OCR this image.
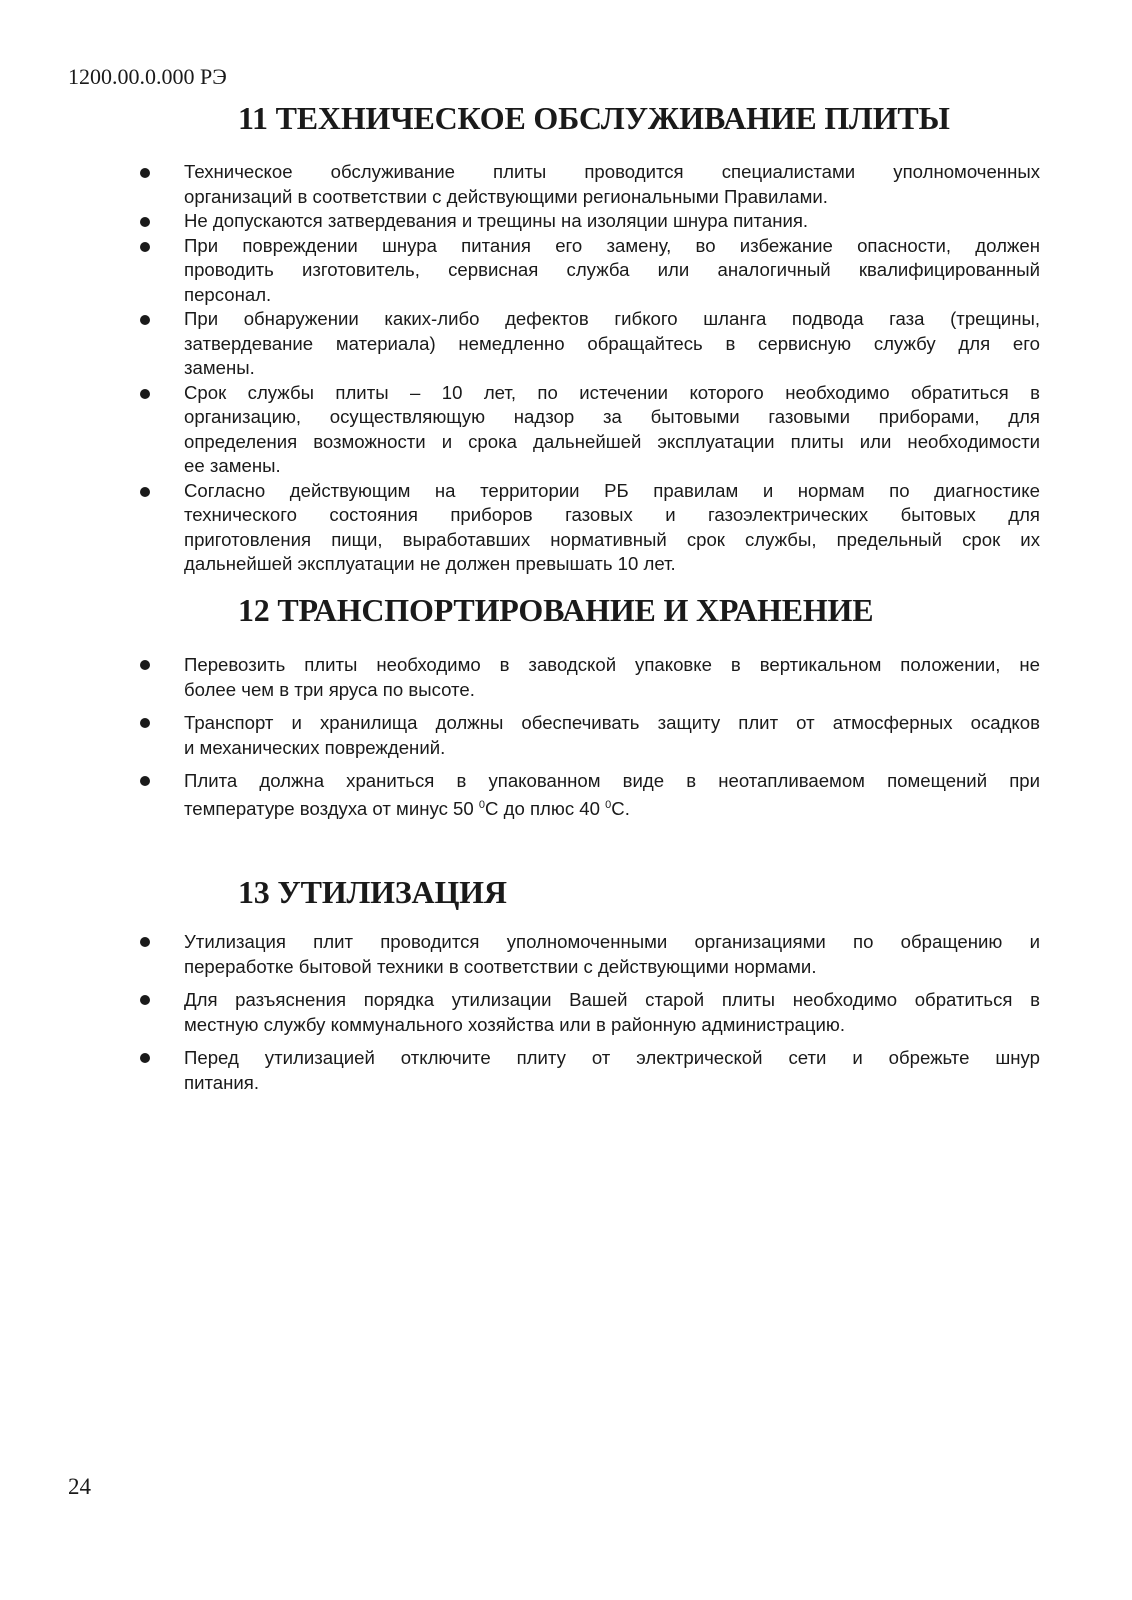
1200.00.0.000 РЭ
11 ТЕХНИЧЕСКОЕ ОБСЛУЖИВАНИЕ ПЛИТЫ
Техническое обслуживание плиты проводится специалистами уполномоченных
организаций в соответствии с действующими региональными Правилами.
Не допускаются затвердевания и трещины на изоляции шнура питания.
При повреждении шнура питания его замену, во избежание опасности, должен
проводить изготовитель, сервисная служба или аналогичный квалифицированный
персонал.
При обнаружении каких-либо дефектов гибкого шланга подвода газа (трещины,
затвердевание материала) немедленно обращайтесь в сервисную службу для его
замены.
Срок службы плиты – 10 лет, по истечении которого необходимо обратиться в
организацию, осуществляющую надзор за бытовыми газовыми приборами, для
определения возможности и срока дальнейшей эксплуатации плиты или необходимости
ее замены.
Согласно действующим на территории РБ правилам и нормам по диагностике
технического состояния приборов газовых и газоэлектрических бытовых для
приготовления пищи, выработавших нормативный срок службы, предельный срок их
дальнейшей эксплуатации не должен превышать 10 лет.
12 ТРАНСПОРТИРОВАНИЕ И ХРАНЕНИЕ
Перевозить плиты необходимо в заводской упаковке в вертикальном положении, не
более чем в три яруса по высоте.
Транспорт и хранилища должны обеспечивать защиту плит от атмосферных осадков
и механических повреждений.
Плита должна храниться в упакованном виде в неотапливаемом помещений при
температуре воздуха от минус 50 $^0$С до плюс 40 $^0$С.
13 УТИЛИЗАЦИЯ
Утилизация плит проводится уполномоченными организациями по обращению и
переработке бытовой техники в соответствии с действующими нормами.
Для разъяснения порядка утилизации Вашей старой плиты необходимо обратиться в
местную службу коммунального хозяйства или в районную администрацию.
Перед утилизацией отключите плиту от электрической сети и обрежьте шнур
питания.
24
